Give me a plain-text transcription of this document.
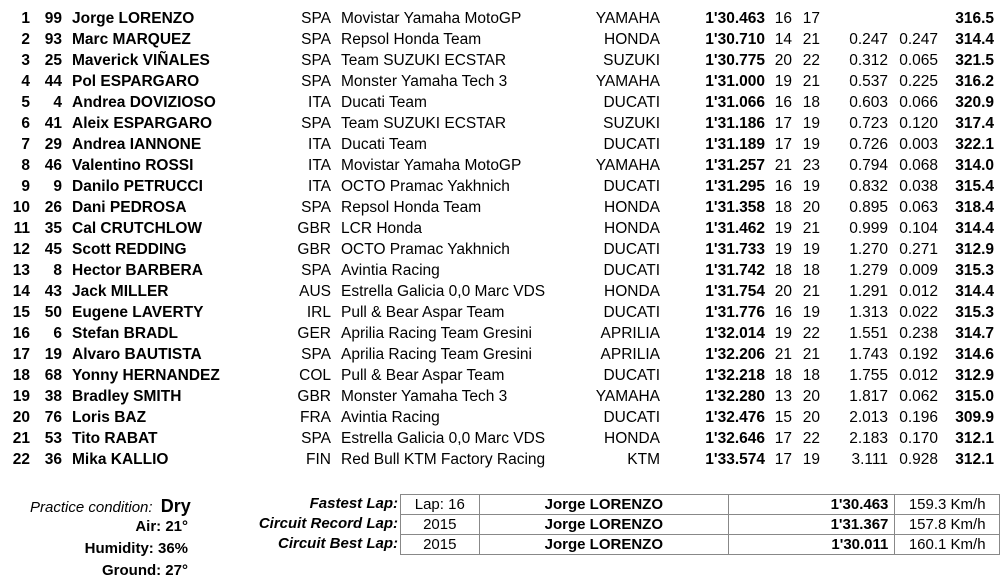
1 99 Jorge LORENZO	SPA Movistar Yamaha MotoGP	YAMAHA	1'30.463 16 17	316.5
2 93 Marc MARQUEZ	SPA Repsol Honda Team	HONDA	1'30.710 14 21	0.247 0.247	314.4
3 25 Maverick VIÑALES	SPA Team SUZUKI ECSTAR	SUZUKI	1'30.775 20 22	0.312 0.065	321.5
4 44 Pol ESPARGARO	SPA Monster Yamaha Tech 3	YAMAHA	1'31.000 19 21	0.537 0.225	316.2
5	4 Andrea DOVIZIOSO	ITA Ducati Team	DUCATI	1'31.066 16 18	0.603 0.066	320.9
6 41 Aleix ESPARGARO	SPA Team SUZUKI ECSTAR	SUZUKI	1'31.186 17 19	0.723 0.120	317.4
7 29 Andrea IANNONE	ITA Ducati Team	DUCATI	1'31.189 17 19	0.726 0.003	322.1
8 46 Valentino ROSSI	ITA Movistar Yamaha MotoGP	YAMAHA	1'31.257 21 23	0.794 0.068	314.0
9	9 Danilo PETRUCCI	ITA OCTO Pramac Yakhnich	DUCATI	1'31.295 16 19	0.832 0.038	315.4
10 26 Dani PEDROSA	SPA Repsol Honda Team	HONDA	1'31.358 18 20	0.895 0.063	318.4
11 35 Cal CRUTCHLOW	GBR LCR Honda	HONDA	1'31.462 19 21	0.999 0.104	314.4
12 45 Scott REDDING	GBR OCTO Pramac Yakhnich	DUCATI	1'31.733 19 19	1.270 0.271	312.9
13	8 Hector BARBERA	SPA Avintia Racing	DUCATI	1'31.742 18 18	1.279 0.009	315.3
14 43 Jack MILLER	AUS Estrella Galicia 0,0 Marc VDS	HONDA	1'31.754 20 21	1.291 0.012	314.4
15 50 Eugene LAVERTY	IRL Pull & Bear Aspar Team	DUCATI	1'31.776 16 19	1.313 0.022	315.3
16	6 Stefan BRADL	GER Aprilia Racing Team Gresini	APRILIA	1'32.014 19 22	1.551 0.238	314.7
17 19 Alvaro BAUTISTA	SPA Aprilia Racing Team Gresini	APRILIA	1'32.206 21 21	1.743 0.192	314.6
18 68 Yonny HERNANDEZ	COL Pull & Bear Aspar Team	DUCATI	1'32.218 18 18	1.755 0.012	312.9
19 38 Bradley SMITH	GBR Monster Yamaha Tech 3	YAMAHA	1'32.280 13 20	1.817 0.062	315.0
20 76 Loris BAZ	FRA Avintia Racing	DUCATI	1'32.476 15 20	2.013 0.196	309.9
21 53 Tito RABAT	SPA Estrella Galicia 0,0 Marc VDS	HONDA	1'32.646 17 22	2.183 0.170	312.1
22 36 Mika KALLIO	FIN Red Bull KTM Factory Racing	KTM	1'33.574 17 19	3.111 0.928	312.1
Practice condition: Dry
Air: 21°
Humidity: 36%
Ground: 27°
Fastest Lap:
Circuit Record Lap:
Circuit Best Lap:
Lap: 16	Jorge LORENZO	1'30.463	159.3 Km/h
2015	Jorge LORENZO	1'31.367	157.8 Km/h
2015	Jorge LORENZO	1'30.011	160.1 Km/h
